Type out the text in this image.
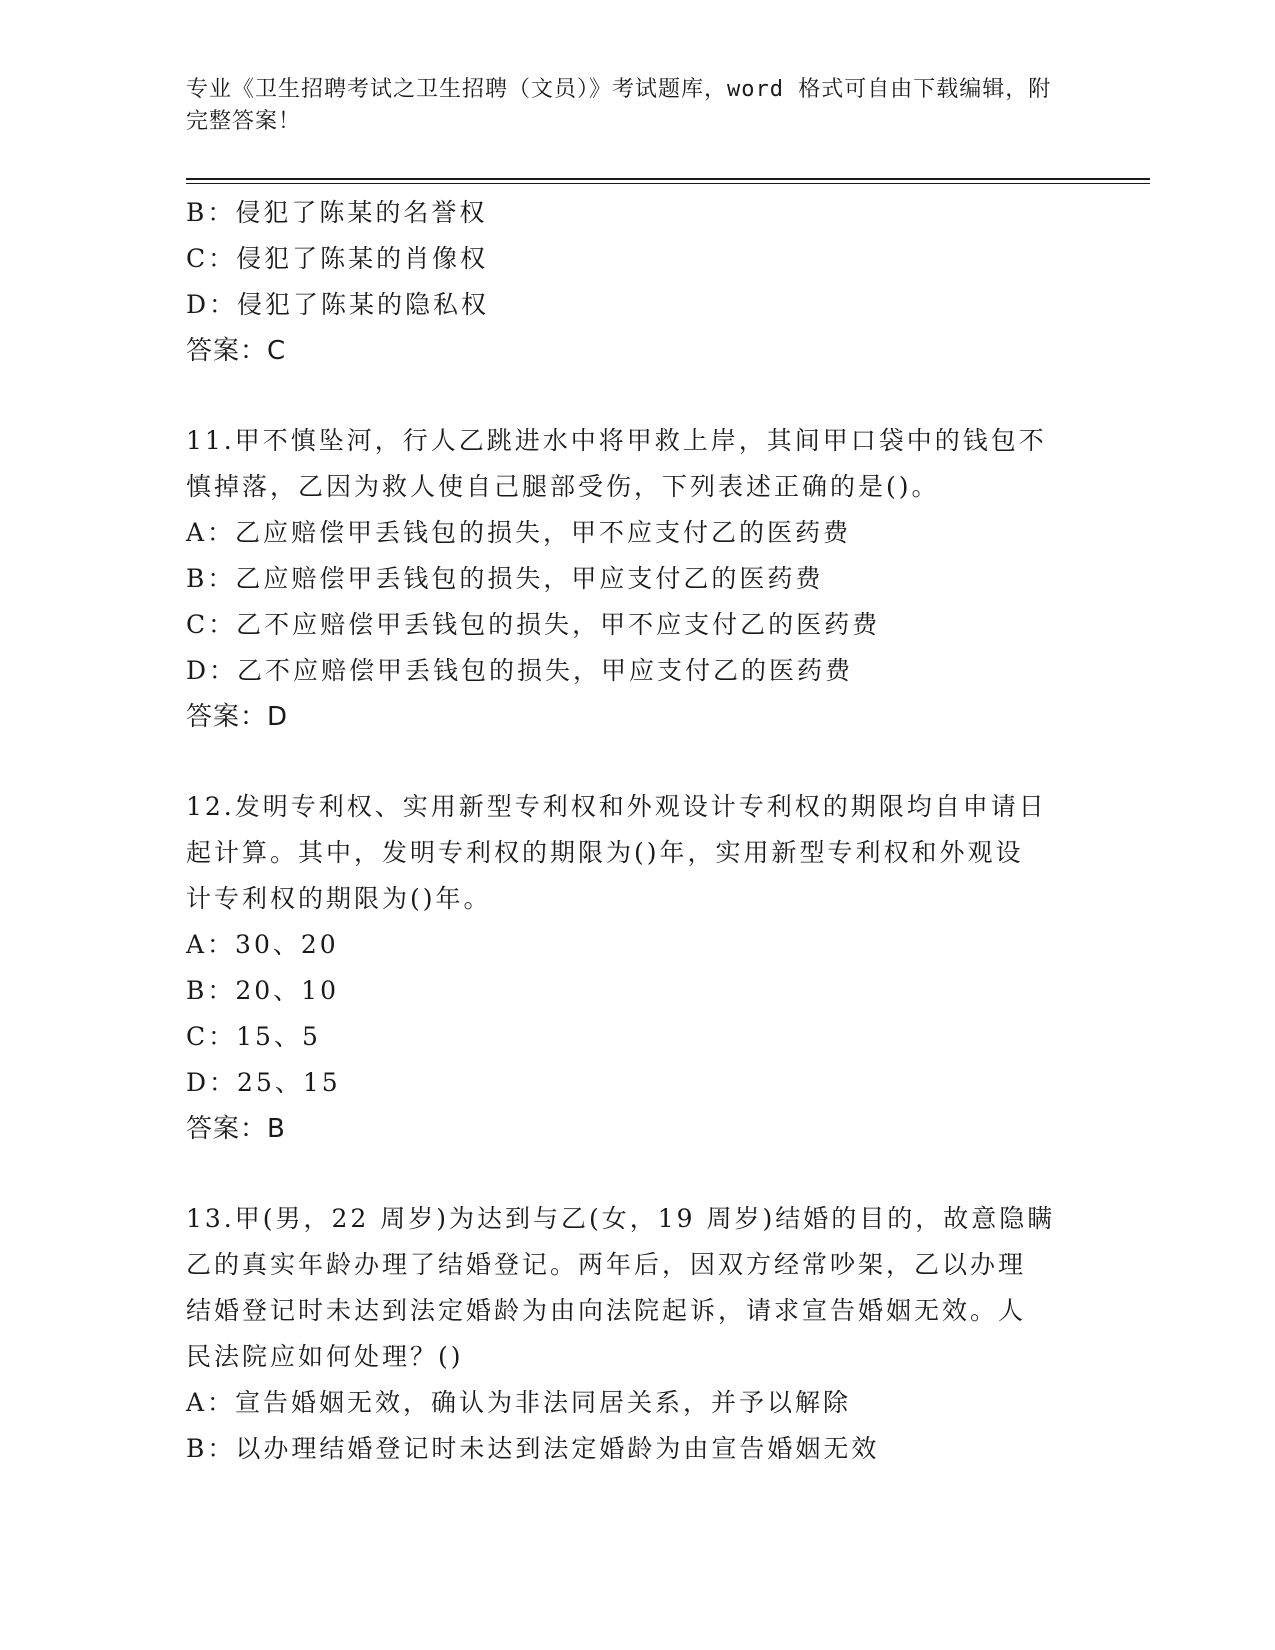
专业《卫生招聘考试之卫生招聘（文员）》考试题库，word 格式可自由下载编辑，附完整答案！

B：侵犯了陈某的名誉权

C：侵犯了陈某的肖像权

D：侵犯了陈某的隐私权

答案：C

11.甲不慎坠河，行人乙跳进水中将甲救上岸，其间甲口袋中的钱包不

慎掉落，乙因为救人使自己腿部受伤，下列表述正确的是()。

A：乙应赔偿甲丢钱包的损失，甲不应支付乙的医药费

B：乙应赔偿甲丢钱包的损失，甲应支付乙的医药费

C：乙不应赔偿甲丢钱包的损失，甲不应支付乙的医药费

D：乙不应赔偿甲丢钱包的损失，甲应支付乙的医药费

答案：D

12.发明专利权、实用新型专利权和外观设计专利权的期限均自申请日

起计算。其中，发明专利权的期限为()年，实用新型专利权和外观设

计专利权的期限为()年。

A：30、20

B：20、10

C：15、5

D：25、15

答案：B

13.甲(男，22 周岁)为达到与乙(女，19 周岁)结婚的目的，故意隐瞒

乙的真实年龄办理了结婚登记。两年后，因双方经常吵架，乙以办理

结婚登记时未达到法定婚龄为由向法院起诉，请求宣告婚姻无效。人

民法院应如何处理？()

A：宣告婚姻无效，确认为非法同居关系，并予以解除

B：以办理结婚登记时未达到法定婚龄为由宣告婚姻无效
